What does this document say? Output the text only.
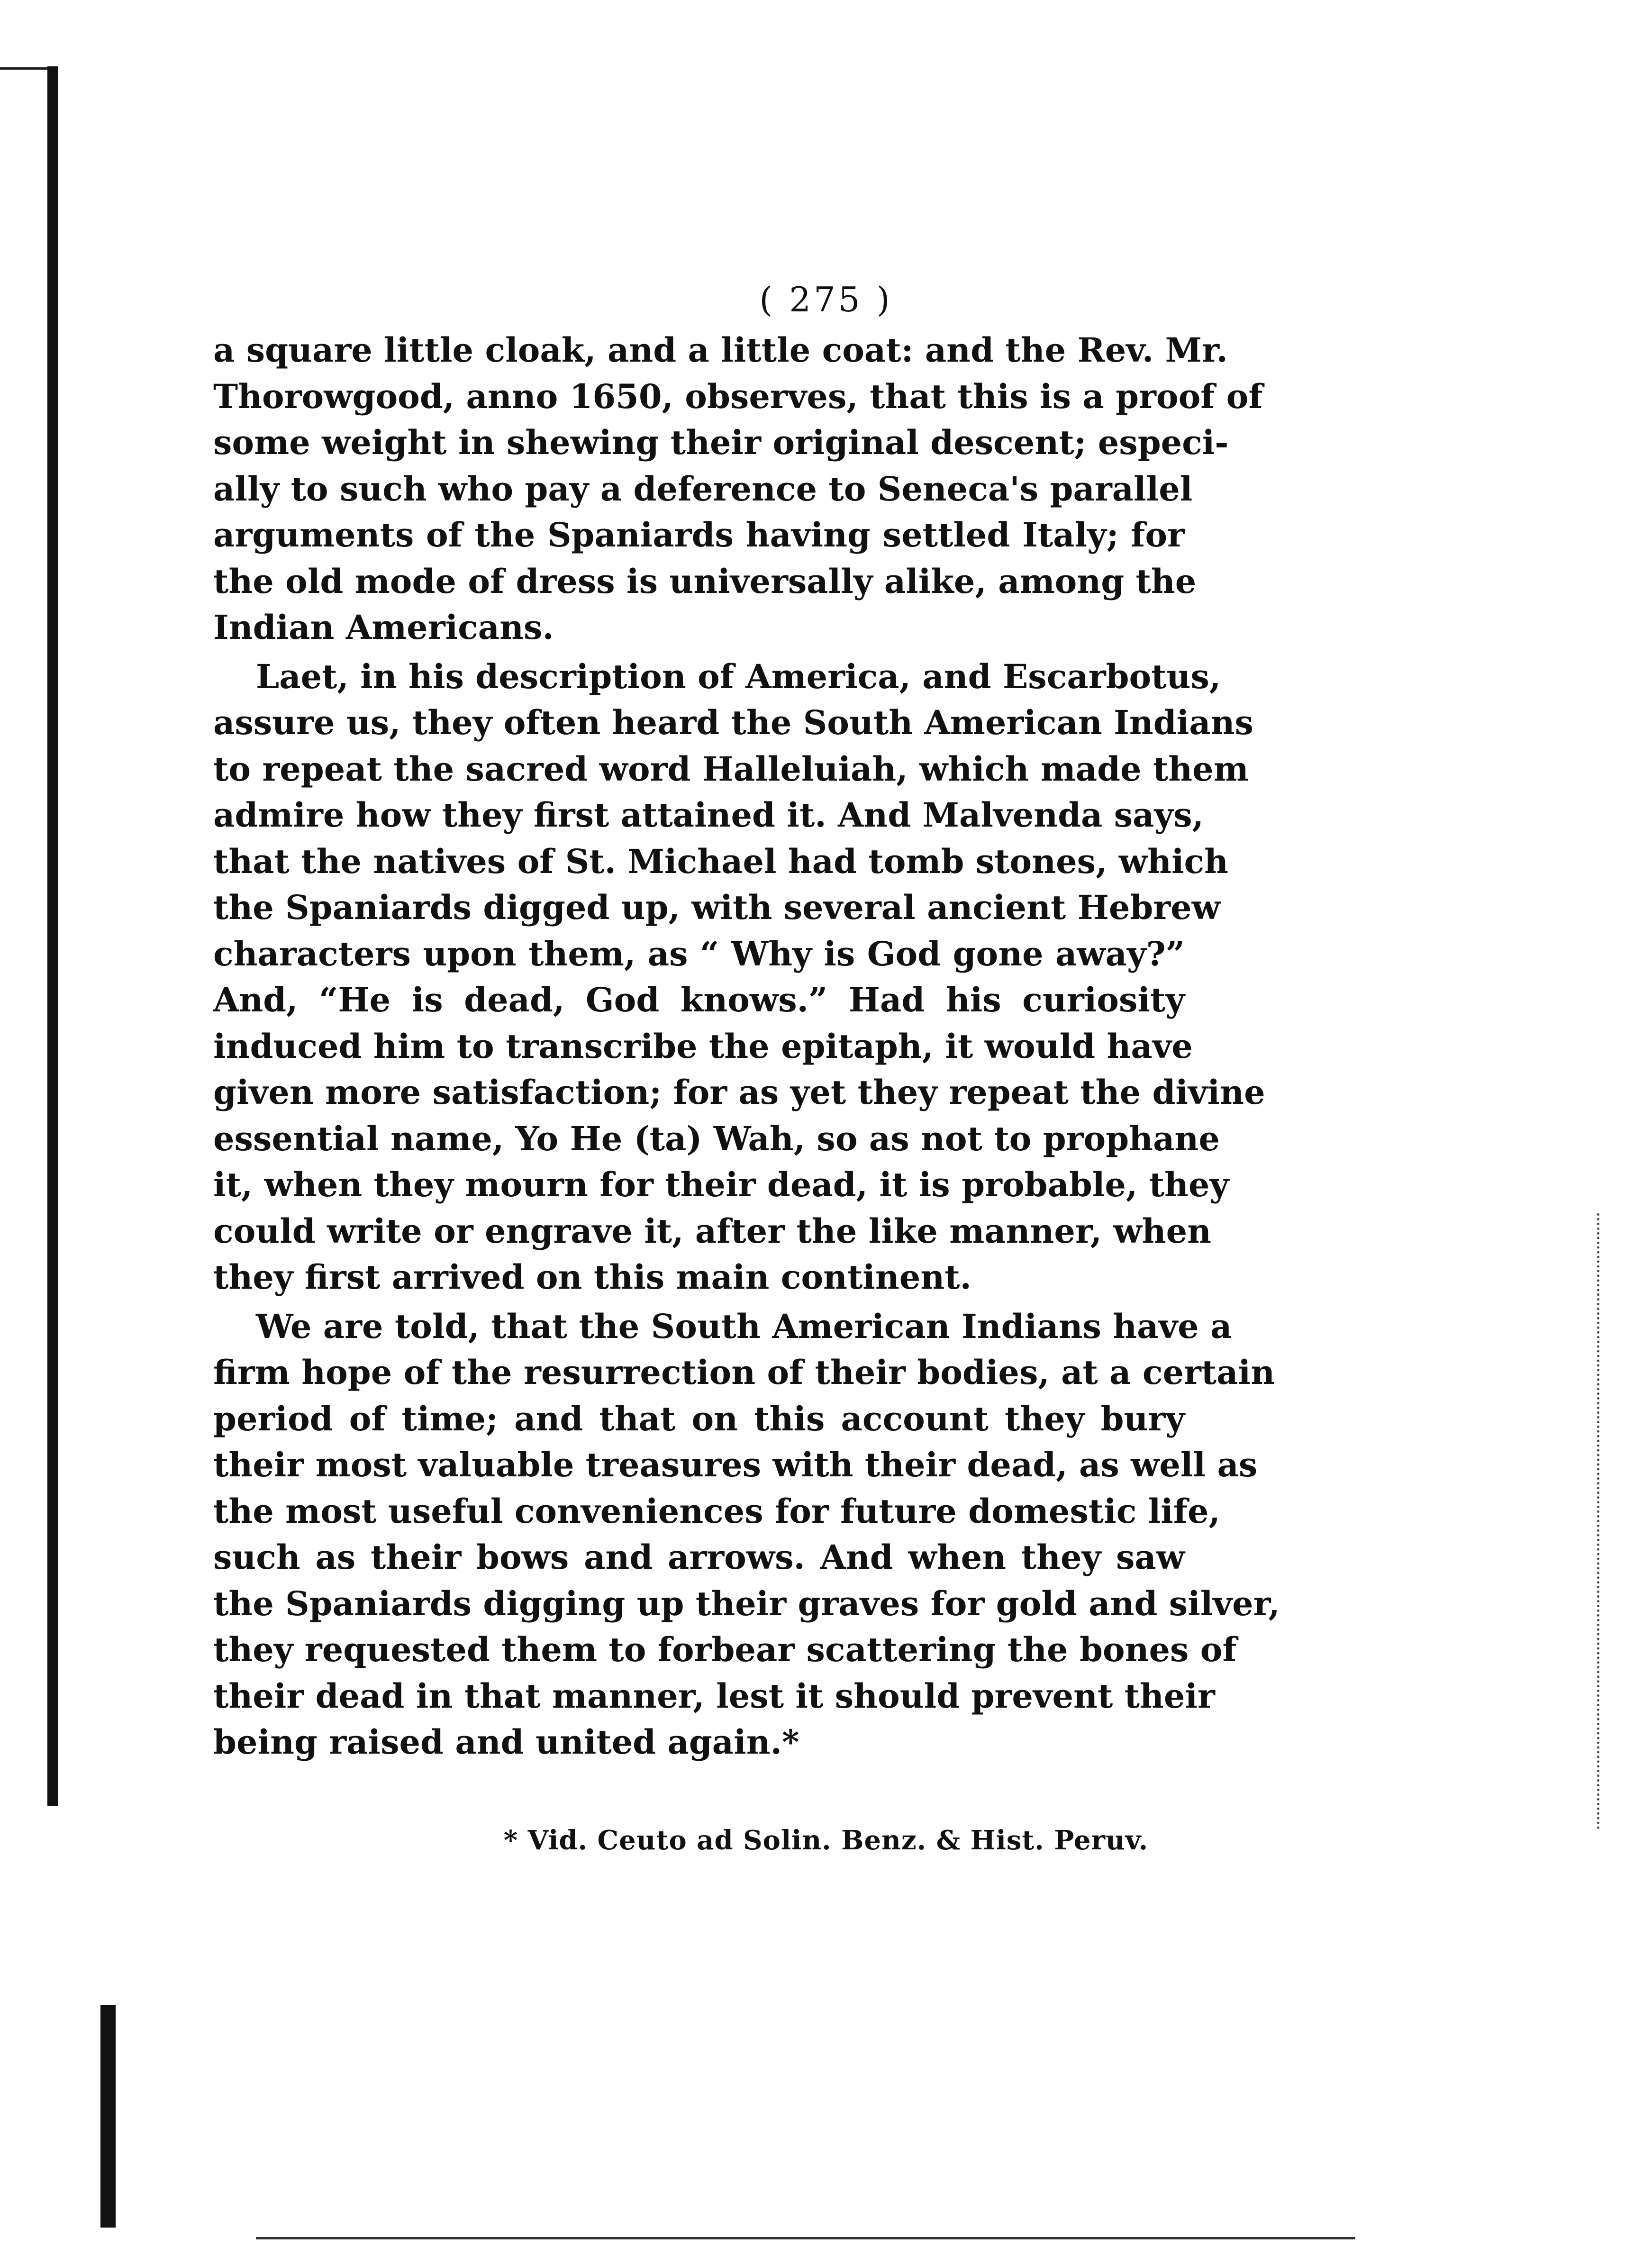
( 275 )
a square little cloak, and a little coat: and the Rev. Mr.
Thorowgood, anno 1650, observes, that this is a proof of
some weight in shewing their original descent; especi-
ally to such who pay a deference to Seneca's parallel
arguments of the Spaniards having settled Italy; for
the old mode of dress is universally alike, among the
Indian Americans.
Laet, in his description of America, and Escarbotus,
assure us, they often heard the South American Indians
to repeat the sacred word Halleluiah, which made them
admire how they first attained it. And Malvenda says,
that the natives of St. Michael had tomb stones, which
the Spaniards digged up, with several ancient Hebrew
characters upon them, as “ Why is God gone away?”
And, “He is dead, God knows.” Had his curiosity
induced him to transcribe the epitaph, it would have
given more satisfaction; for as yet they repeat the divine
essential name, Yo He (ta) Wah, so as not to prophane
it, when they mourn for their dead, it is probable, they
could write or engrave it, after the like manner, when
they first arrived on this main continent.
We are told, that the South American Indians have a
firm hope of the resurrection of their bodies, at a certain
period of time; and that on this account they bury
their most valuable treasures with their dead, as well as
the most useful conveniences for future domestic life,
such as their bows and arrows. And when they saw
the Spaniards digging up their graves for gold and silver,
they requested them to forbear scattering the bones of
their dead in that manner, lest it should prevent their
being raised and united again.*
* Vid. Ceuto ad Solin. Benz. & Hist. Peruv.
